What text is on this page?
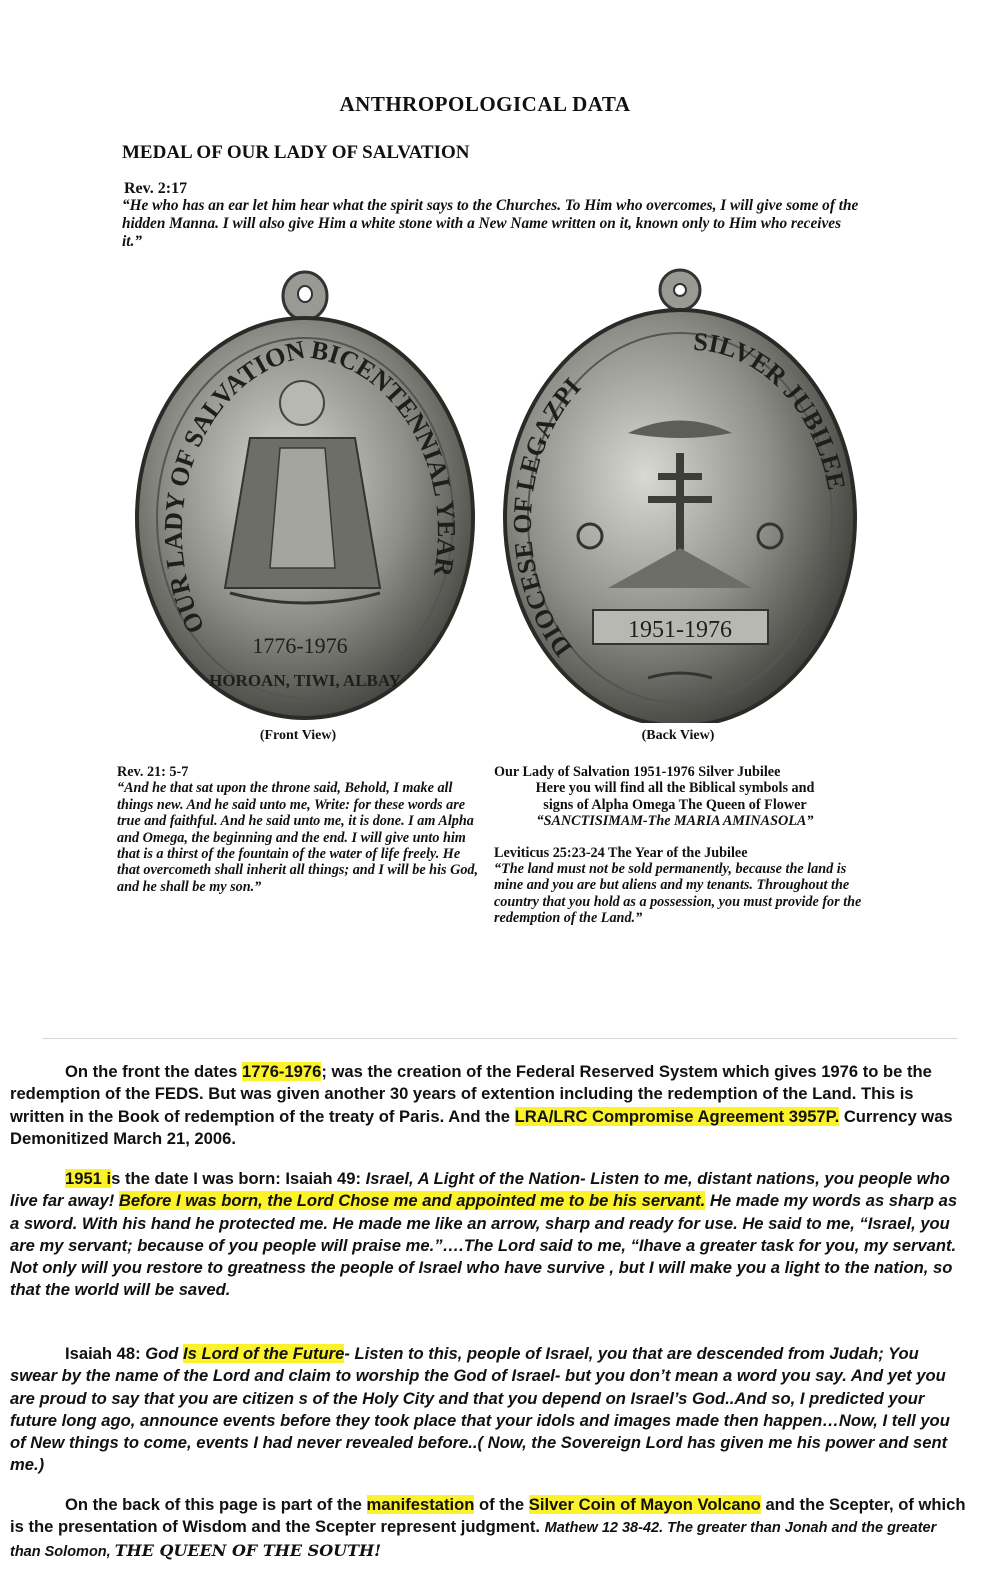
ANTHROPOLOGICAL DATA
MEDAL OF OUR LADY OF SALVATION
Rev. 2:17
“He who has an ear let him hear what the spirit says to the Churches. To Him who overcomes, I will give some of the hidden Manna. I will also give Him a white stone with a New Name written on it, known only to Him who receives it.”
OUR LADY OF SALVATION BICENTENNIAL YEAR
1776-1976
HOROAN, TIWI, ALBAY
1951-1976
DIOCESE OF LEGAZPI
SILVER JUBILEE
(Front View)	(Back View)
Rev. 21: 5-7
“And he that sat upon the throne said, Behold, I make all things new. And he said unto me, Write: for these words are true and faithful. And he said unto me, it is done. I am Alpha and Omega, the beginning and the end. I will give unto him that is a thirst of the fountain of the water of life freely. He that overcometh shall inherit all things; and I will be his God, and he shall be my son.”
Our Lady of Salvation 1951-1976 Silver Jubilee
Here you will find all the Biblical symbols and
signs of Alpha Omega The Queen of Flower
“SANCTISIMAM-The MARIA AMINASOLA”
Leviticus 25:23-24 The Year of the Jubilee
“The land must not be sold permanently, because the land is mine and you are but aliens and my tenants. Throughout the country that you hold as a possession, you must provide for the redemption of the Land.”
On the front the dates 1776-1976; was the creation of the Federal Reserved System which gives 1976 to be the redemption of the FEDS. But was given another 30 years of extention including the redemption of the Land. This is written in the Book of redemption of the treaty of Paris. And the LRA/LRC Compromise Agreement 3957P. Currency was Demonitized March 21, 2006.
1951 is the date I was born: Isaiah 49: Israel, A Light of the Nation- Listen to me, distant nations, you people who live far away! Before I was born, the Lord Chose me and appointed me to be his servant. He made my words as sharp as a sword. With his hand he protected me. He made me like an arrow, sharp and ready for use. He said to me, “Israel, you are my servant; because of you people will praise me.”….The Lord said to me, “Ihave a greater task for you, my servant. Not only will you restore to greatness the people of Israel who have survive , but I will make you a light to the nation, so that the world will be saved.
Isaiah 48: God Is Lord of the Future- Listen to this, people of Israel, you that are descended from Judah; You swear by the name of the Lord and claim to worship the God of Israel- but you don’t mean a word you say. And yet you are proud to say that you are citizen s of the Holy City and that you depend on Israel’s God..And so, I predicted your future long ago, announce events before they took place that your idols and images made then happen…Now, I tell you of New things to come, events I had never revealed before..( Now, the Sovereign Lord has given me his power and sent me.)
On the back of this page is part of the manifestation of the Silver Coin of Mayon Volcano and the Scepter, of which is the presentation of Wisdom and the Scepter represent judgment. Mathew 12 38-42. The greater than Jonah and the greater than Solomon, THE QUEEN OF THE SOUTH!
